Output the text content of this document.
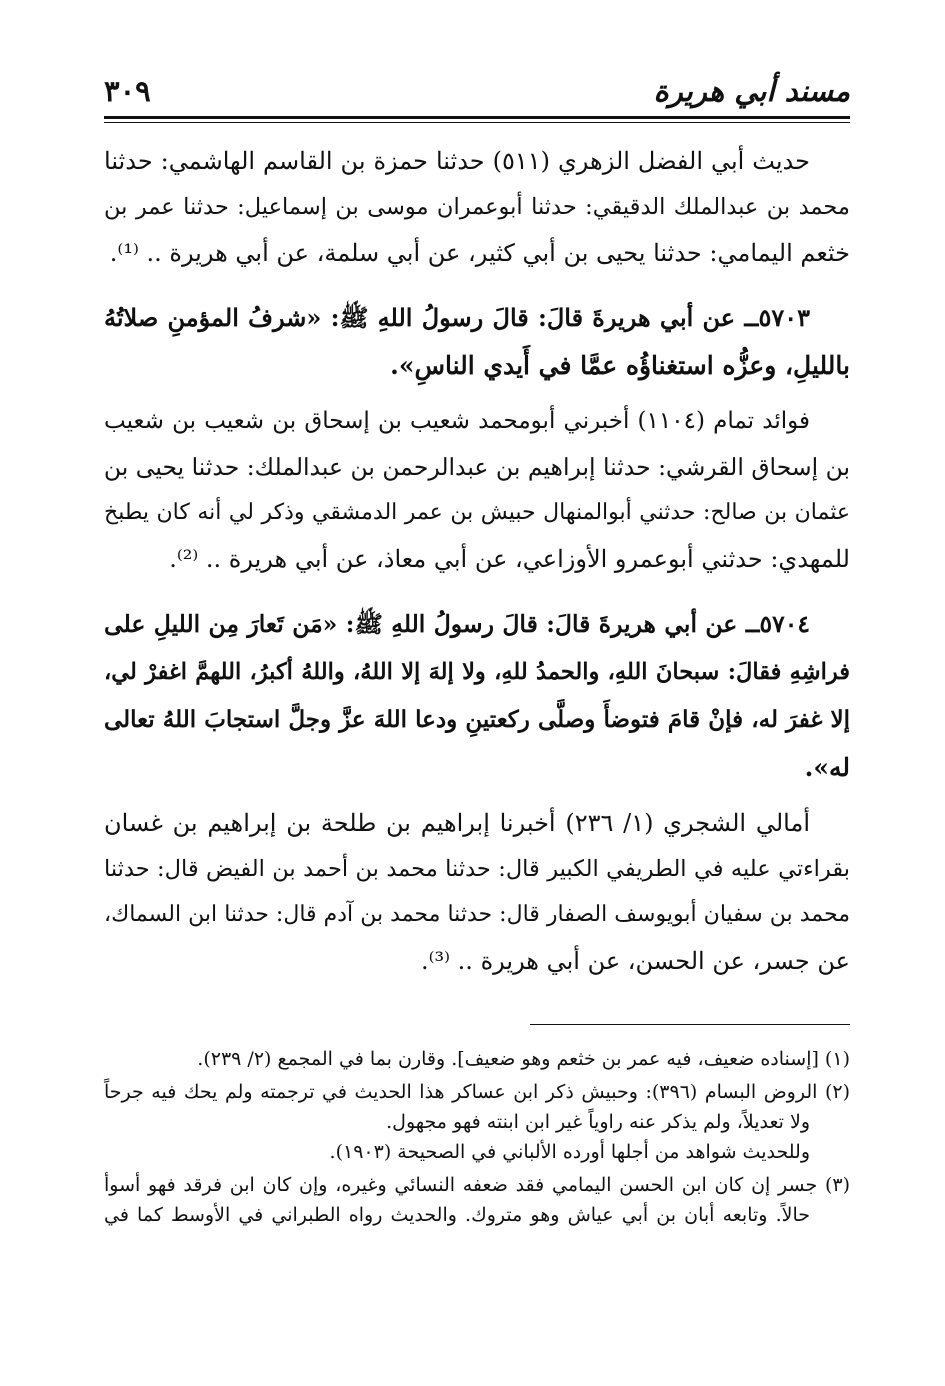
مسند أبي هريرة
٣٠٩
حديث أبي الفضل الزهري (٥١١) حدثنا حمزة بن القاسم الهاشمي: حدثنا
محمد بن عبدالملك الدقيقي: حدثنا أبوعمران موسى بن إسماعيل: حدثنا عمر بن
خثعم اليمامي: حدثنا يحيى بن أبي كثير، عن أبي سلمة، عن أبي هريرة .. ⁽¹⁾.
٥٧٠٣ــ عن أبي هريرةَ قالَ: قالَ رسولُ اللهِ ﷺ: «شرفُ المؤمنِ صلاتُهُ
بالليلِ، وعزُّه استغناؤُه عمَّا في أَيدي الناسِ».
فوائد تمام (١١٠٤) أخبرني أبومحمد شعيب بن إسحاق بن شعيب بن شعيب
بن إسحاق القرشي: حدثنا إبراهيم بن عبدالرحمن بن عبدالملك: حدثنا يحيى بن
عثمان بن صالح: حدثني أبوالمنهال حبيش بن عمر الدمشقي وذكر لي أنه كان يطبخ
للمهدي: حدثني أبوعمرو الأوزاعي، عن أبي معاذ، عن أبي هريرة .. ⁽²⁾.
٥٧٠٤ــ عن أبي هريرةَ قالَ: قالَ رسولُ اللهِ ﷺ: «مَن تَعارَ مِن الليلِ على
فراشِهِ فقالَ: سبحانَ اللهِ، والحمدُ للهِ، ولا إلهَ إلا اللهُ، واللهُ أكبرُ، اللهمَّ اغفرْ لي،
إلا غفرَ له، فإنْ قامَ فتوضأَ وصلَّى ركعتينِ ودعا اللهَ عزَّ وجلَّ استجابَ اللهُ تعالى
له».
أمالي الشجري (١/ ٢٣٦) أخبرنا إبراهيم بن طلحة بن إبراهيم بن غسان
بقراءتي عليه في الطريفي الكبير قال: حدثنا محمد بن أحمد بن الفيض قال: حدثنا
محمد بن سفيان أبويوسف الصفار قال: حدثنا محمد بن آدم قال: حدثنا ابن السماك،
عن جسر، عن الحسن، عن أبي هريرة .. ⁽³⁾.
(١) [إسناده ضعيف، فيه عمر بن خثعم وهو ضعيف]. وقارن بما في المجمع (٢/ ٢٣٩).
(٢) الروض البسام (٣٩٦): وحبيش ذكر ابن عساكر هذا الحديث في ترجمته ولم يحك فيه جرحاً
ولا تعديلاً، ولم يذكر عنه راوياً غير ابن ابنته فهو مجهول.
وللحديث شواهد من أجلها أورده الألباني في الصحيحة (١٩٠٣).
(٣) جسر إن كان ابن الحسن اليمامي فقد ضعفه النسائي وغيره، وإن كان ابن فرقد فهو أسوأ
حالاً. وتابعه أبان بن أبي عياش وهو متروك. والحديث رواه الطبراني في الأوسط كما في
